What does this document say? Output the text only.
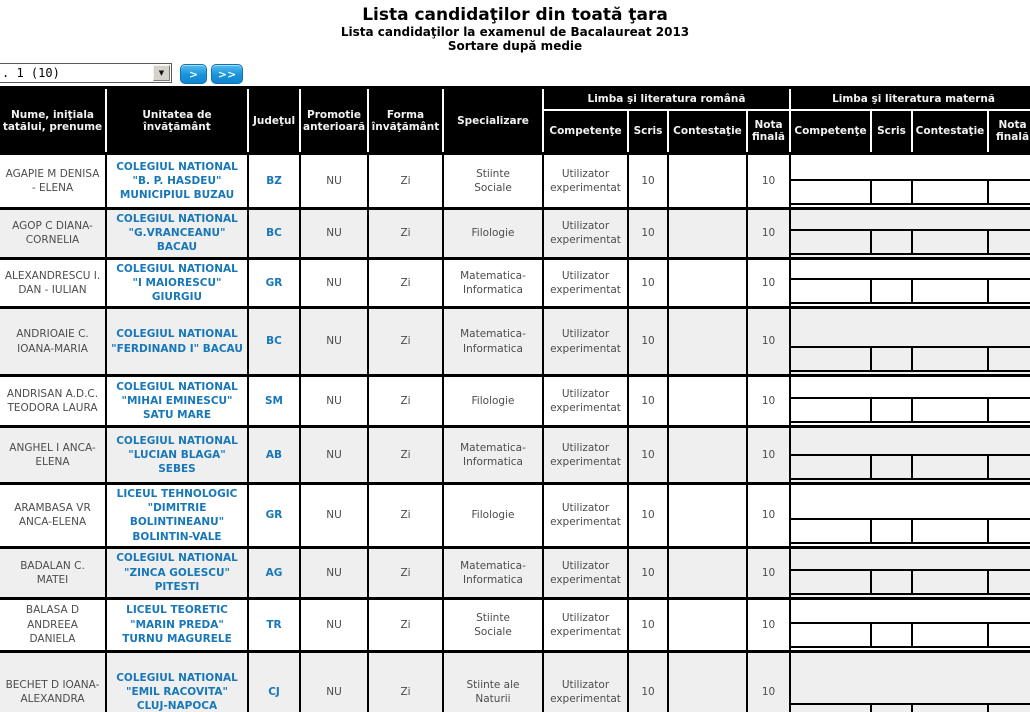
Lista candidaţilor din toată ţara
Lista candidaţilor la examenul de Bacalaureat 2013
Sortare după medie
. 1 (10)	▼	>	>>
Nume, iniţiala tatălui, prenume	Unitatea de învăţământ	Judeţul	Promotie anterioară	Forma învăţământ	Specializare	Limba şi literatura română				Limba şi literatura maternă			
						Competenţe	Scris	Contestaţie	Nota finală	Competenţe	Scris	Contestaţie	Nota finală
AGAPIE M DENISA - ELENA	COLEGIUL NATIONAL "B. P. HASDEU" MUNICIPIUL BUZAU	BZ	NU	Zi	Stiinte Sociale	Utilizator experimentat	10		10				

AGOP C DIANA-CORNELIA	COLEGIUL NATIONAL "G.VRANCEANU" BACAU	BC	NU	Zi	Filologie	Utilizator experimentat	10		10				

ALEXANDRESCU I. DAN - IULIAN	COLEGIUL NATIONAL "I MAIORESCU" GIURGIU	GR	NU	Zi	Matematica-Informatica	Utilizator experimentat	10		10				

ANDRIOAIE C. IOANA-MARIA	COLEGIUL NATIONAL "FERDINAND I" BACAU	BC	NU	Zi	Matematica-Informatica	Utilizator experimentat	10		10				

ANDRISAN A.D.C. TEODORA LAURA	COLEGIUL NATIONAL "MIHAI EMINESCU" SATU MARE	SM	NU	Zi	Filologie	Utilizator experimentat	10		10				

ANGHEL I ANCA-ELENA	COLEGIUL NATIONAL "LUCIAN BLAGA" SEBES	AB	NU	Zi	Matematica-Informatica	Utilizator experimentat	10		10				

ARAMBASA VR ANCA-ELENA	LICEUL TEHNOLOGIC "DIMITRIE BOLINTINEANU" BOLINTIN-VALE	GR	NU	Zi	Filologie	Utilizator experimentat	10		10				

BADALAN C. MATEI	COLEGIUL NATIONAL "ZINCA GOLESCU" PITESTI	AG	NU	Zi	Matematica-Informatica	Utilizator experimentat	10		10				

BALASA D ANDREEA DANIELA	LICEUL TEORETIC "MARIN PREDA" TURNU MAGURELE	TR	NU	Zi	Stiinte Sociale	Utilizator experimentat	10		10				

BECHET D IOANA-ALEXANDRA	COLEGIUL NATIONAL "EMIL RACOVITA" CLUJ-NAPOCA	CJ	NU	Zi	Stiinte ale Naturii	Utilizator experimentat	10		10				
